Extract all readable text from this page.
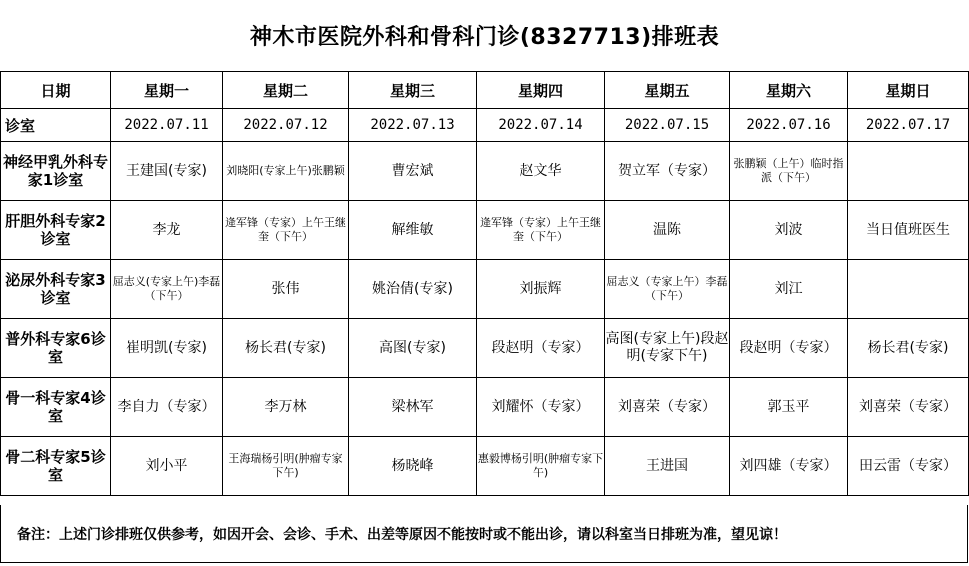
神木市医院外科和骨科门诊(8327713)排班表
日期	星期一	星期二	星期三	星期四	星期五	星期六	星期日
诊室	2022.07.11	2022.07.12	2022.07.13	2022.07.14	2022.07.15	2022.07.16	2022.07.17
神经甲乳外科专家1诊室	王建国(专家)	刘晓阳(专家上午)张鹏颖	曹宏斌	赵文华	贺立军（专家）	张鹏颖（上午）临时指派（下午）	
肝胆外科专家2诊室	李龙	逄军锋（专家）上午王继奎（下午）	解维敏	逄军锋（专家）上午王继奎（下午）	温陈	刘波	当日值班医生
泌尿外科专家3诊室	屈志义(专家上午)李磊（下午）	张伟	姚治倩(专家)	刘振辉	屈志义（专家上午）李磊（下午）	刘江	
普外科专家6诊室	崔明凯(专家)	杨长君(专家)	高图(专家)	段赵明（专家）	高图(专家上午)段赵明(专家下午)	段赵明（专家）	杨长君(专家)
骨一科专家4诊室	李自力（专家）	李万林	梁林军	刘耀怀（专家）	刘喜荣（专家）	郭玉平	刘喜荣（专家）
骨二科专家5诊室	刘小平	王海瑞杨引明(肿瘤专家下午)	杨晓峰	惠毅博杨引明(肿瘤专家下午)	王进国	刘四雄（专家）	田云雷（专家）
备注：上述门诊排班仅供参考，如因开会、会诊、手术、出差等原因不能按时或不能出诊，请以科室当日排班为准，望见谅！
